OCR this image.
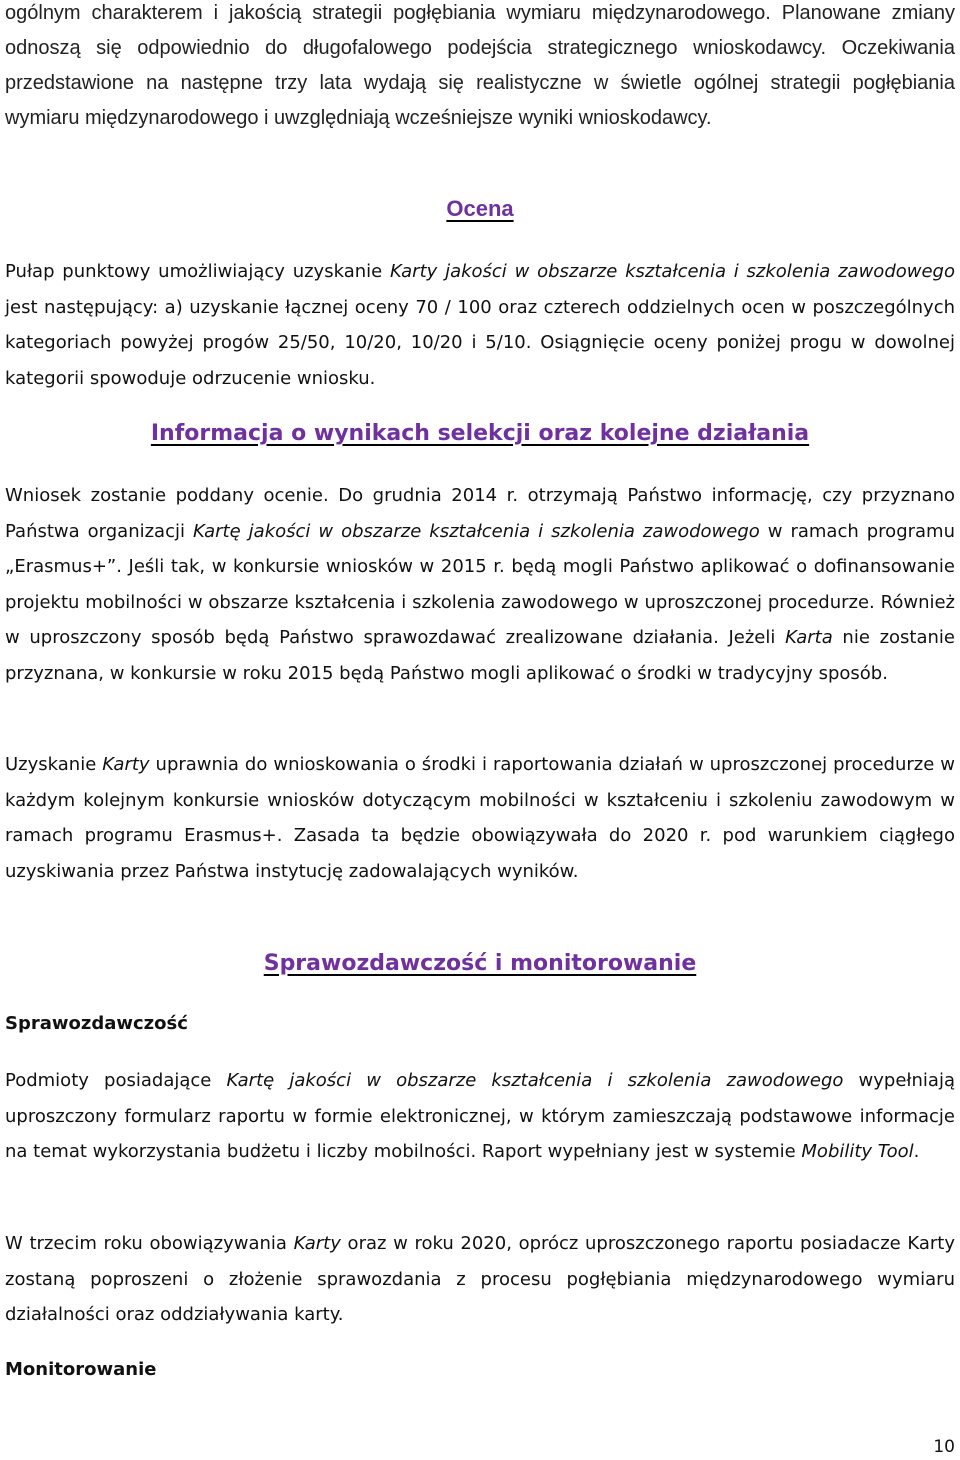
ogólnym charakterem i jakością strategii pogłębiania wymiaru międzynarodowego. Planowane zmiany odnoszą się odpowiednio do długofalowego podejścia strategicznego wnioskodawcy. Oczekiwania przedstawione na następne trzy lata wydają się realistyczne w świetle ogólnej strategii pogłębiania wymiaru międzynarodowego i uwzględniają wcześniejsze wyniki wnioskodawcy.

Ocena

Pułap punktowy umożliwiający uzyskanie Karty jakości w obszarze kształcenia i szkolenia zawodowego jest następujący: a) uzyskanie łącznej oceny 70 / 100 oraz czterech oddzielnych ocen w poszczególnych kategoriach powyżej progów 25/50, 10/20, 10/20 i 5/10. Osiągnięcie oceny poniżej progu w dowolnej kategorii spowoduje odrzucenie wniosku.

Informacja o wynikach selekcji oraz kolejne działania

Wniosek zostanie poddany ocenie. Do grudnia 2014 r. otrzymają Państwo informację, czy przyznano Państwa organizacji Kartę jakości w obszarze kształcenia i szkolenia zawodowego w ramach programu „Erasmus+”. Jeśli tak, w konkursie wniosków w 2015 r. będą mogli Państwo aplikować o dofinansowanie projektu mobilności w obszarze kształcenia i szkolenia zawodowego w uproszczonej procedurze. Również w uproszczony sposób będą Państwo sprawozdawać zrealizowane działania. Jeżeli Karta nie zostanie przyznana, w konkursie w roku 2015 będą Państwo mogli aplikować o środki w tradycyjny sposób.

Uzyskanie Karty uprawnia do wnioskowania o środki i raportowania działań w uproszczonej procedurze w każdym kolejnym konkursie wniosków dotyczącym mobilności w kształceniu i szkoleniu zawodowym w ramach programu Erasmus+. Zasada ta będzie obowiązywała do 2020 r. pod warunkiem ciągłego uzyskiwania przez Państwa instytucję zadowalających wyników.

Sprawozdawczość i monitorowanie
Sprawozdawczość

Podmioty posiadające Kartę jakości w obszarze kształcenia i szkolenia zawodowego wypełniają uproszczony formularz raportu w formie elektronicznej, w którym zamieszczają podstawowe informacje na temat wykorzystania budżetu i liczby mobilności. Raport wypełniany jest w systemie Mobility Tool.

W trzecim roku obowiązywania Karty oraz w roku 2020, oprócz uproszczonego raportu posiadacze Karty zostaną poproszeni o złożenie sprawozdania z procesu pogłębiania międzynarodowego wymiaru działalności oraz oddziaływania karty.

Monitorowanie
10
